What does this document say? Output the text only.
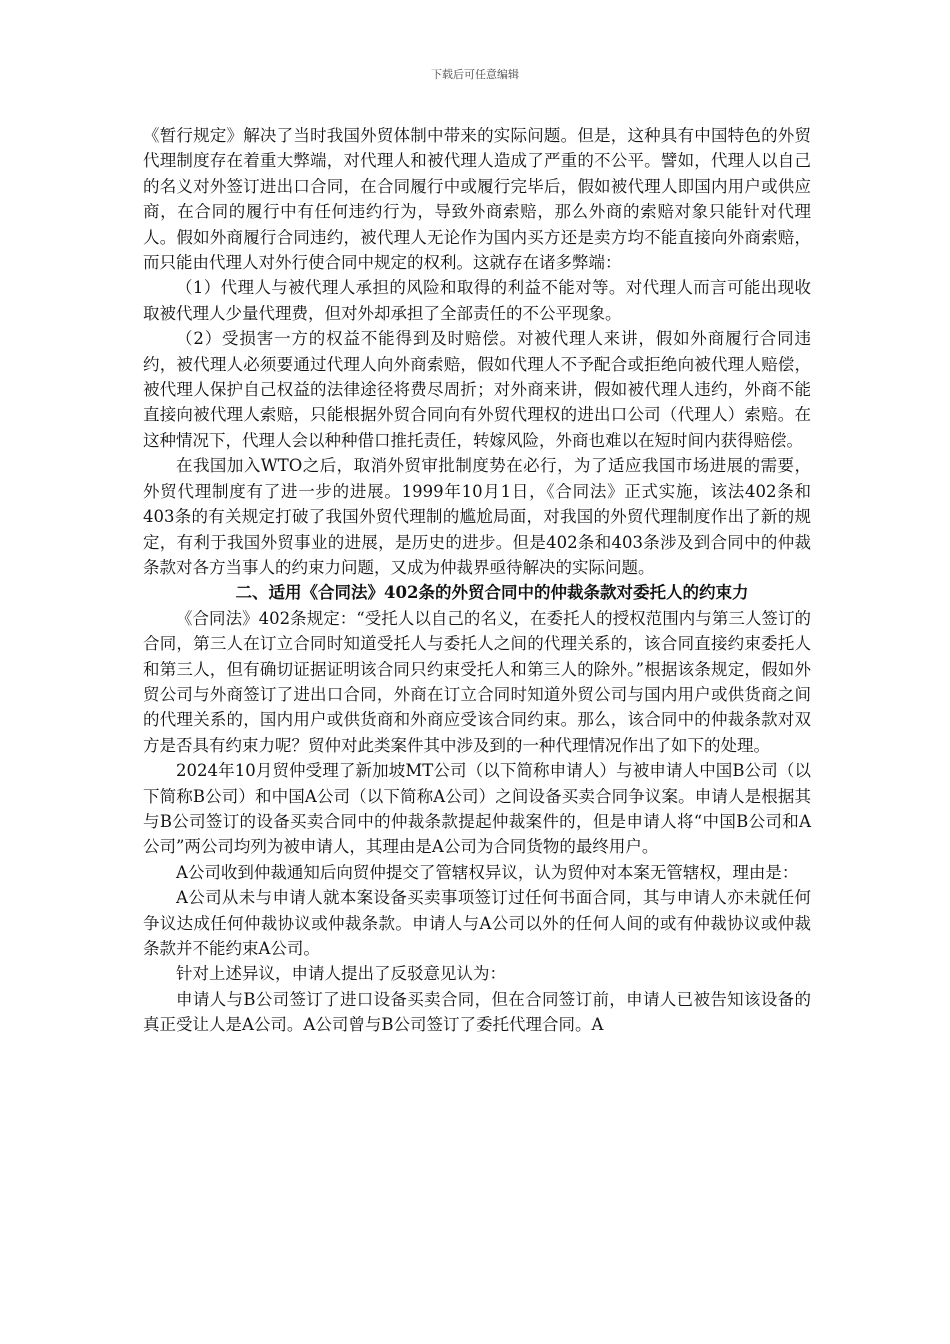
下载后可任意编辑

《暂行规定》解决了当时我国外贸体制中带来的实际问题。但是，这种具有中国特色的外贸代理制度存在着重大弊端，对代理人和被代理人造成了严重的不公平。譬如，代理人以自己的名义对外签订进出口合同，在合同履行中或履行完毕后，假如被代理人即国内用户或供应商，在合同的履行中有任何违约行为，导致外商索赔，那么外商的索赔对象只能针对代理人。假如外商履行合同违约，被代理人无论作为国内买方还是卖方均不能直接向外商索赔，而只能由代理人对外行使合同中规定的权利。这就存在诸多弊端：

（1）代理人与被代理人承担的风险和取得的利益不能对等。对代理人而言可能出现收取被代理人少量代理费，但对外却承担了全部责任的不公平现象。

（2）受损害一方的权益不能得到及时赔偿。对被代理人来讲，假如外商履行合同违约，被代理人必须要通过代理人向外商索赔，假如代理人不予配合或拒绝向被代理人赔偿，被代理人保护自己权益的法律途径将费尽周折；对外商来讲，假如被代理人违约，外商不能直接向被代理人索赔，只能根据外贸合同向有外贸代理权的进出口公司（代理人）索赔。在这种情况下，代理人会以种种借口推托责任，转嫁风险，外商也难以在短时间内获得赔偿。

在我国加入WTO之后，取消外贸审批制度势在必行，为了适应我国市场进展的需要，外贸代理制度有了进一步的进展。1999年10月1日，《合同法》正式实施，该法402条和403条的有关规定打破了我国外贸代理制的尴尬局面，对我国的外贸代理制度作出了新的规定，有利于我国外贸事业的进展，是历史的进步。但是402条和403条涉及到合同中的仲裁条款对各方当事人的约束力问题，又成为仲裁界亟待解决的实际问题。

二、适用《合同法》402条的外贸合同中的仲裁条款对委托人的约束力

《合同法》402条规定：“受托人以自己的名义，在委托人的授权范围内与第三人签订的合同，第三人在订立合同时知道受托人与委托人之间的代理关系的，该合同直接约束委托人和第三人，但有确切证据证明该合同只约束受托人和第三人的除外。”根据该条规定，假如外贸公司与外商签订了进出口合同，外商在订立合同时知道外贸公司与国内用户或供货商之间的代理关系的，国内用户或供货商和外商应受该合同约束。那么，该合同中的仲裁条款对双方是否具有约束力呢？贸仲对此类案件其中涉及到的一种代理情况作出了如下的处理。

2024年10月贸仲受理了新加坡MT公司（以下简称申请人）与被申请人中国B公司（以下简称B公司）和中国A公司（以下简称A公司）之间设备买卖合同争议案。申请人是根据其与B公司签订的设备买卖合同中的仲裁条款提起仲裁案件的，但是申请人将“中国B公司和A公司”两公司均列为被申请人，其理由是A公司为合同货物的最终用户。

A公司收到仲裁通知后向贸仲提交了管辖权异议，认为贸仲对本案无管辖权，理由是：

A公司从未与申请人就本案设备买卖事项签订过任何书面合同，其与申请人亦未就任何争议达成任何仲裁协议或仲裁条款。申请人与A公司以外的任何人间的或有仲裁协议或仲裁条款并不能约束A公司。

针对上述异议，申请人提出了反驳意见认为：

申请人与B公司签订了进口设备买卖合同，但在合同签订前，申请人已被告知该设备的真正受让人是A公司。A公司曾与B公司签订了委托代理合同。A
